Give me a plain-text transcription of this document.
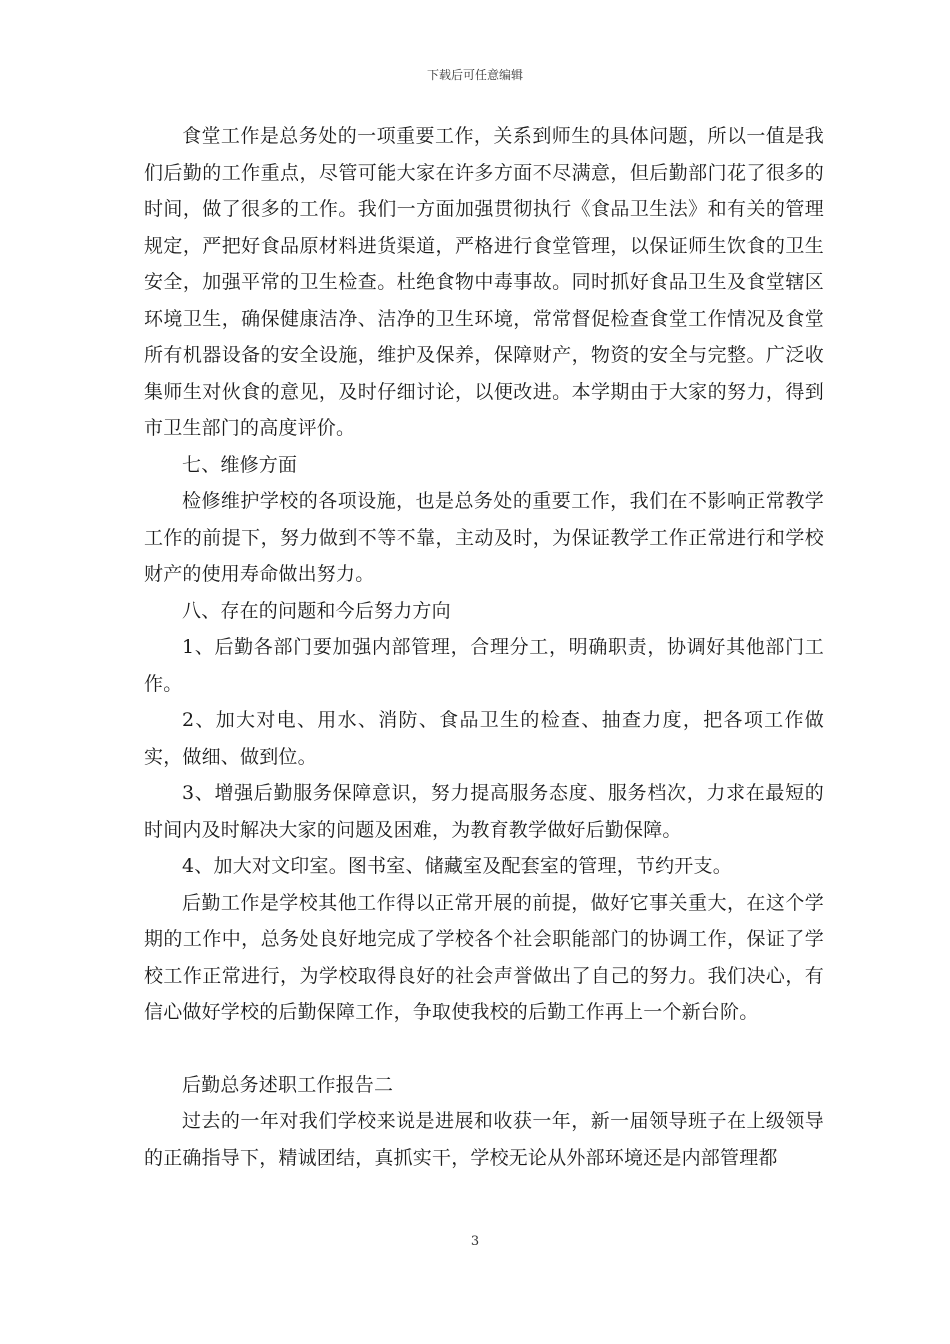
下载后可任意编辑

食堂工作是总务处的一项重要工作，关系到师生的具体问题，所以一值是我们后勤的工作重点，尽管可能大家在许多方面不尽满意，但后勤部门花了很多的时间，做了很多的工作。我们一方面加强贯彻执行《食品卫生法》和有关的管理规定，严把好食品原材料进货渠道，严格进行食堂管理，以保证师生饮食的卫生安全，加强平常的卫生检查。杜绝食物中毒事故。同时抓好食品卫生及食堂辖区环境卫生，确保健康洁净、洁净的卫生环境，常常督促检查食堂工作情况及食堂所有机器设备的安全设施，维护及保养，保障财产，物资的安全与完整。广泛收集师生对伙食的意见，及时仔细讨论，以便改进。本学期由于大家的努力，得到市卫生部门的高度评价。

七、维修方面

检修维护学校的各项设施，也是总务处的重要工作，我们在不影响正常教学工作的前提下，努力做到不等不靠，主动及时，为保证教学工作正常进行和学校财产的使用寿命做出努力。

八、存在的问题和今后努力方向

1、后勤各部门要加强内部管理，合理分工，明确职责，协调好其他部门工作。

2、加大对电、用水、消防、食品卫生的检查、抽查力度，把各项工作做实，做细、做到位。

3、增强后勤服务保障意识，努力提高服务态度、服务档次，力求在最短的时间内及时解决大家的问题及困难，为教育教学做好后勤保障。

4、加大对文印室。图书室、储藏室及配套室的管理，节约开支。

后勤工作是学校其他工作得以正常开展的前提，做好它事关重大，在这个学期的工作中，总务处良好地完成了学校各个社会职能部门的协调工作，保证了学校工作正常进行，为学校取得良好的社会声誉做出了自己的努力。我们决心，有信心做好学校的后勤保障工作，争取使我校的后勤工作再上一个新台阶。

后勤总务述职工作报告二

过去的一年对我们学校来说是进展和收获一年，新一届领导班子在上级领导的正确指导下，精诚团结，真抓实干，学校无论从外部环境还是内部管理都

3
